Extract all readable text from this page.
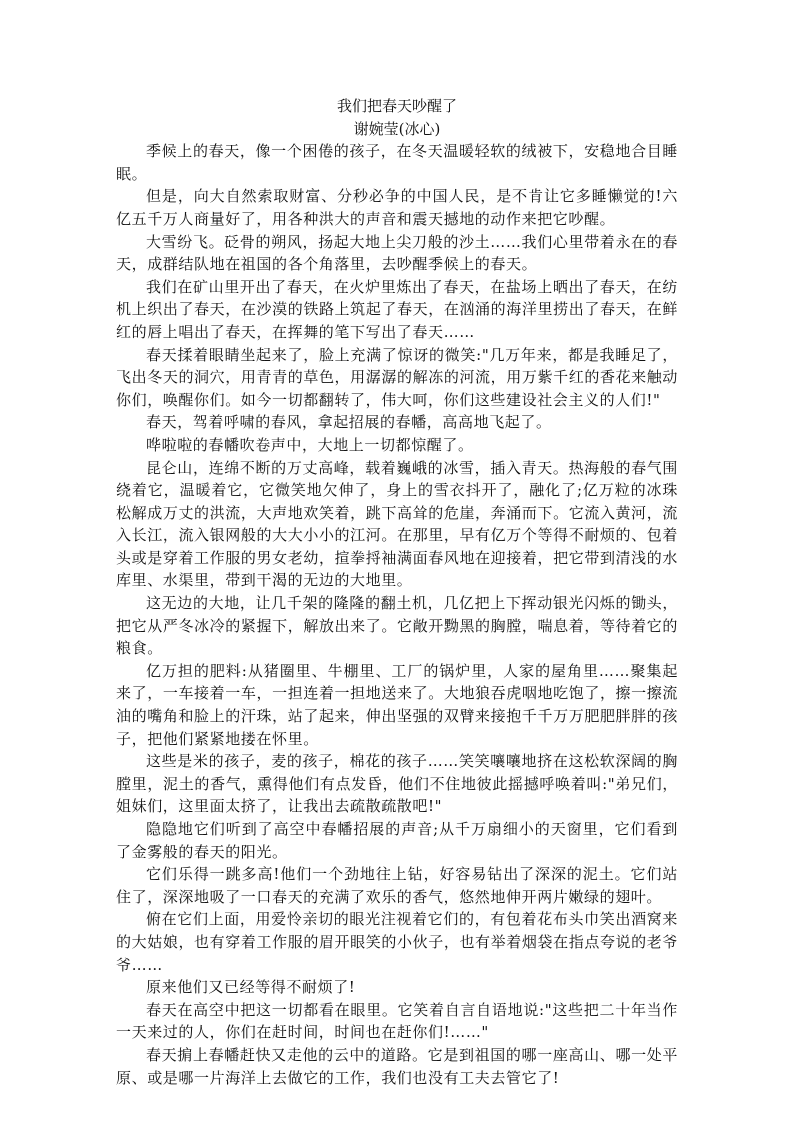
我们把春天吵醒了
谢婉莹(冰心)

季候上的春天，像一个困倦的孩子，在冬天温暖轻软的绒被下，安稳地合目睡眠。

但是，向大自然索取财富、分秒必争的中国人民，是不肯让它多睡懒觉的!六亿五千万人商量好了，用各种洪大的声音和震天撼地的动作来把它吵醒。

大雪纷飞。砭骨的朔风，扬起大地上尖刀般的沙土……我们心里带着永在的春天，成群结队地在祖国的各个角落里，去吵醒季候上的春天。

我们在矿山里开出了春天，在火炉里炼出了春天，在盐场上晒出了春天，在纺机上织出了春天，在沙漠的铁路上筑起了春天，在汹涌的海洋里捞出了春天，在鲜红的唇上唱出了春天，在挥舞的笔下写出了春天……

春天揉着眼睛坐起来了，脸上充满了惊讶的微笑:"几万年来，都是我睡足了，飞出冬天的洞穴，用青青的草色，用潺潺的解冻的河流，用万紫千红的香花来触动你们，唤醒你们。如今一切都翻转了，伟大呵，你们这些建设社会主义的人们!"

春天，驾着呼啸的春风，拿起招展的春幡，高高地飞起了。

哗啦啦的春幡吹卷声中，大地上一切都惊醒了。

昆仑山，连绵不断的万丈高峰，载着巍峨的冰雪，插入青天。热海般的春气围绕着它，温暖着它，它微笑地欠伸了，身上的雪衣抖开了，融化了;亿万粒的冰珠松解成万丈的洪流，大声地欢笑着，跳下高耸的危崖，奔涌而下。它流入黄河，流入长江，流入银网般的大大小小的江河。在那里，早有亿万个等得不耐烦的、包着头或是穿着工作服的男女老幼，揎拳捋袖满面春风地在迎接着，把它带到清浅的水库里、水渠里，带到干渴的无边的大地里。

这无边的大地，让几千架的隆隆的翻土机，几亿把上下挥动银光闪烁的锄头，把它从严冬冰冷的紧握下，解放出来了。它敞开黝黑的胸膛，喘息着，等待着它的粮食。

亿万担的肥料:从猪圈里、牛棚里、工厂的锅炉里，人家的屋角里……聚集起来了，一车接着一车，一担连着一担地送来了。大地狼吞虎咽地吃饱了，擦一擦流油的嘴角和脸上的汗珠，站了起来，伸出坚强的双臂来接抱千千万万肥肥胖胖的孩子，把他们紧紧地搂在怀里。

这些是米的孩子，麦的孩子，棉花的孩子……笑笑嚷嚷地挤在这松软深阔的胸膛里，泥土的香气，熏得他们有点发昏，他们不住地彼此摇撼呼唤着叫:"弟兄们，姐妹们，这里面太挤了，让我出去疏散疏散吧!"

隐隐地它们听到了高空中春幡招展的声音;从千万扇细小的天窗里，它们看到了金雾般的春天的阳光。

它们乐得一跳多高!他们一个劲地往上钻，好容易钻出了深深的泥土。它们站住了，深深地吸了一口春天的充满了欢乐的香气，悠然地伸开两片嫩绿的翅叶。

俯在它们上面，用爱怜亲切的眼光注视着它们的，有包着花布头巾笑出酒窝来的大姑娘，也有穿着工作服的眉开眼笑的小伙子，也有举着烟袋在指点夸说的老爷爷……

原来他们又已经等得不耐烦了!

春天在高空中把这一切都看在眼里。它笑着自言自语地说:"这些把二十年当作一天来过的人，你们在赶时间，时间也在赶你们!……"

春天掮上春幡赶快又走他的云中的道路。它是到祖国的哪一座高山、哪一处平原、或是哪一片海洋上去做它的工作，我们也没有工夫去管它了!
